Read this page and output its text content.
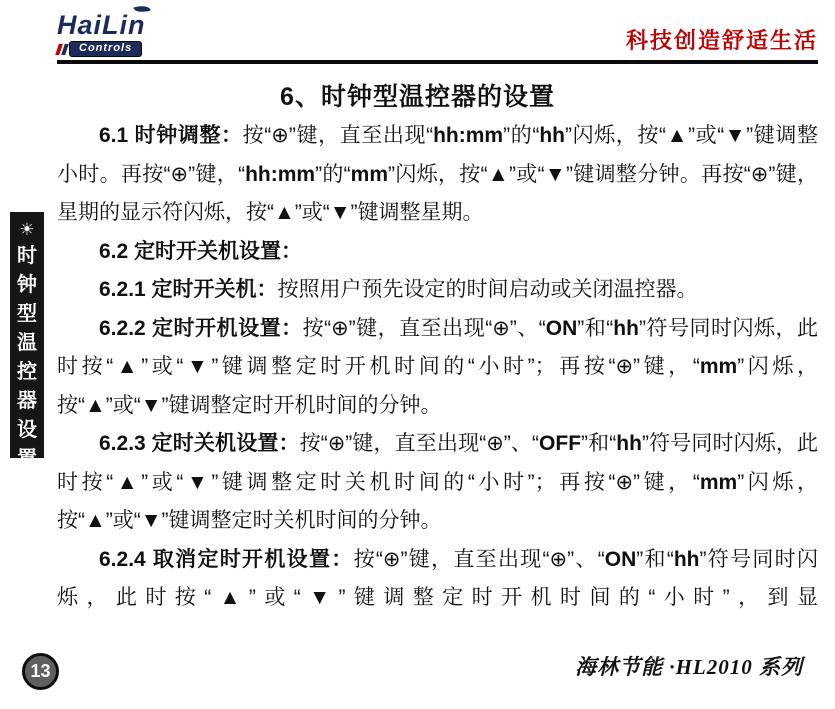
HaiLin
Controls	科技创造舒适生活
6、时钟型温控器的设置

6.1 时钟调整：按“⊕”键，直至出现“hh:mm”的“hh”闪烁，按“▲”或“▼”键调整小时。再按“⊕”键，“hh:mm”的“mm”闪烁，按“▲”或“▼”键调整分钟。再按“⊕”键，星期的显示符闪烁，按“▲”或“▼”键调整星期。

6.2 定时开关机设置：

6.2.1 定时开关机：按照用户预先设定的时间启动或关闭温控器。

6.2.2 定时开机设置：按“⊕”键，直至出现“⊕”、“ON”和“hh”符号同时闪烁，此时按“▲”或“▼”键调整定时开机时间的“小时”；再按“⊕”键，“mm”闪烁，按“▲”或“▼”键调整定时开机时间的分钟。

6.2.3 定时关机设置：按“⊕”键，直至出现“⊕”、“OFF”和“hh”符号同时闪烁，此时按“▲”或“▼”键调整定时关机时间的“小时”；再按“⊕”键，“mm”闪烁，按“▲”或“▼”键调整定时关机时间的分钟。

6.2.4 取消定时开机设置：按“⊕”键，直至出现“⊕”、“ON”和“hh”符号同时闪烁，此时按“▲”或“▼”键调整定时开机时间的“小时”，到显

☀
时
钟
型
温
控
器
设
置
13	海林节能 ·HL2010 系列
